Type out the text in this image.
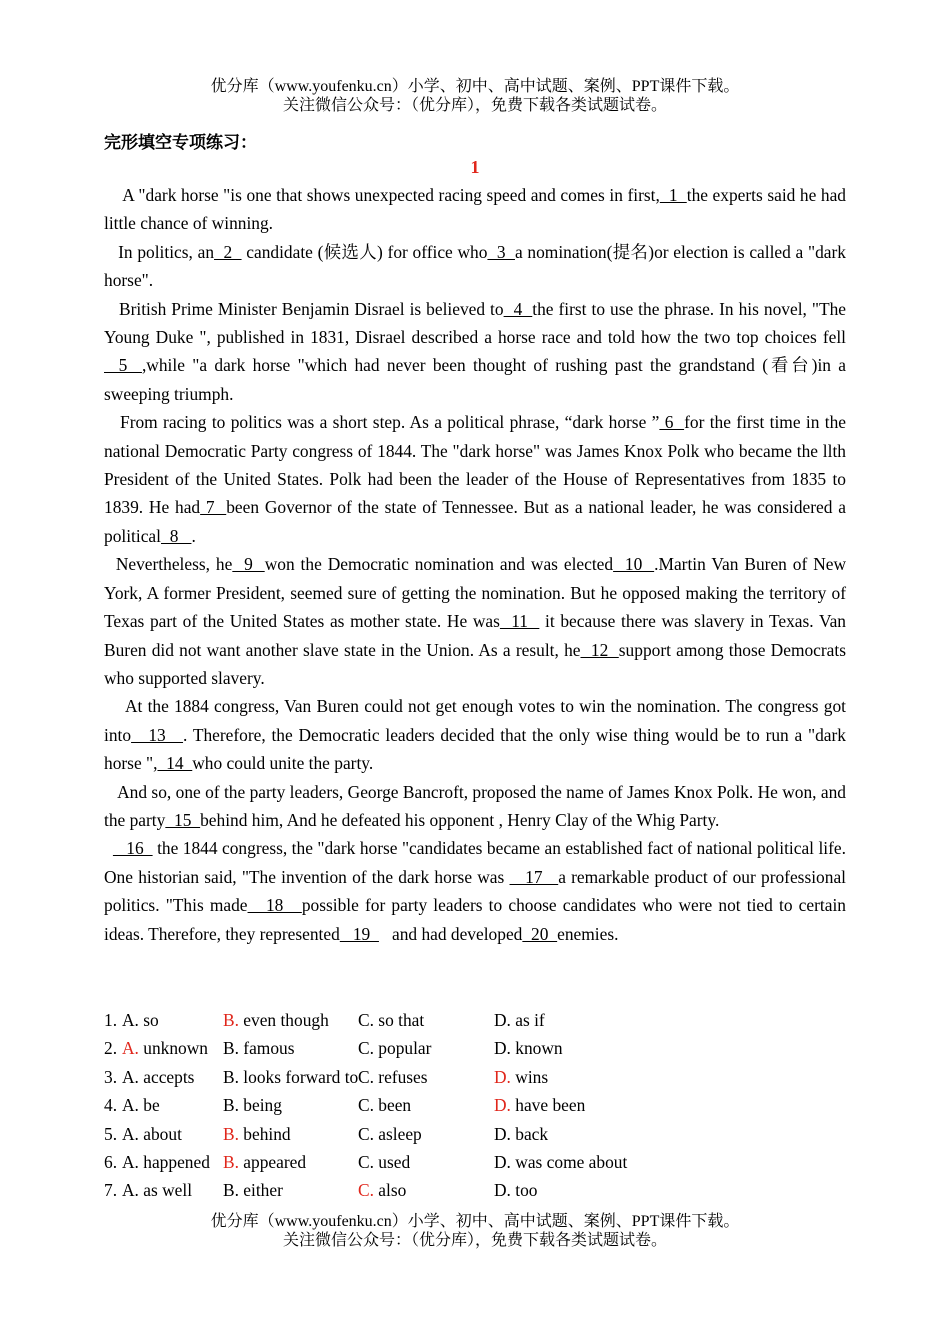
优分库（www.youfenku.cn）小学、初中、高中试题、案例、PPT课件下载。
关注微信公众号：（优分库），免费下载各类试题试卷。
完形填空专项练习：
1

A "dark horse "is one that shows unexpected racing speed and comes in first,  1  the experts said he had little chance of winning.

In politics, an  2   candidate (候选人) for office who  3  a nomination(提名)or election is called a "dark horse".

British Prime Minister Benjamin Disrael is believed to  4  the first to use the phrase. In his novel, "The Young Duke ", published in 1831, Disrael described a horse race and told how the two top choices fell  5  ,while "a dark horse "which had never been thought of rushing past the grandstand (看台)in a sweeping triumph.

From racing to politics was a short step. As a political phrase, “dark horse ” 6  for the first time in the national Democratic Party congress of 1844. The "dark horse" was James Knox Polk who became the llth President of the United States. Polk had been the leader of the House of Representatives from 1835 to 1839. He had 7  been Governor of the state of Tennessee. But as a national leader, he was considered a political  8   .

Nevertheless, he  9  won the Democratic nomination and was elected  10  .Martin Van Buren of New York, A former President, seemed sure of getting the nomination. But he opposed making the territory of Texas part of the United States as mother state. He was  11   it because there was slavery in Texas. Van Buren did not want another slave state in the Union. As a result, he  12  support among those Democrats who supported slavery.

At the 1884 congress, Van Buren could not get enough votes to win the nomination. The congress got into   13   . Therefore, the Democratic leaders decided that the only wise thing would be to run a "dark horse ",  14  who could unite the party.

And so, one of the party leaders, George Bancroft, proposed the name of James Knox Polk. He won, and the party  15  behind him, And he defeated his opponent , Henry Clay of the Whig Party.

16   the 1844 congress, the "dark horse "candidates became an established fact of national political life. One historian said, "The invention of the dark horse was    17   a remarkable product of our professional politics. "This made   18   possible for party leaders to choose candidates who were not tied to certain ideas. Therefore, they represented   19     and had developed  20  enemies.

1. A. so	B. even though C. so that	D. as if
2. A. unknown B. famous	C. popular	D. known
3. A. accepts B. looks forward to C. refuses	D. wins
4. A. be	B. being	C. been	D. have been
5. A. about B. behind	C. asleep	D. back
6. A. happened B. appeared	C. used	D. was come about
7. A. as well B. either	C. also	D. too
优分库（www.youfenku.cn）小学、初中、高中试题、案例、PPT课件下载。
关注微信公众号：（优分库），免费下载各类试题试卷。
